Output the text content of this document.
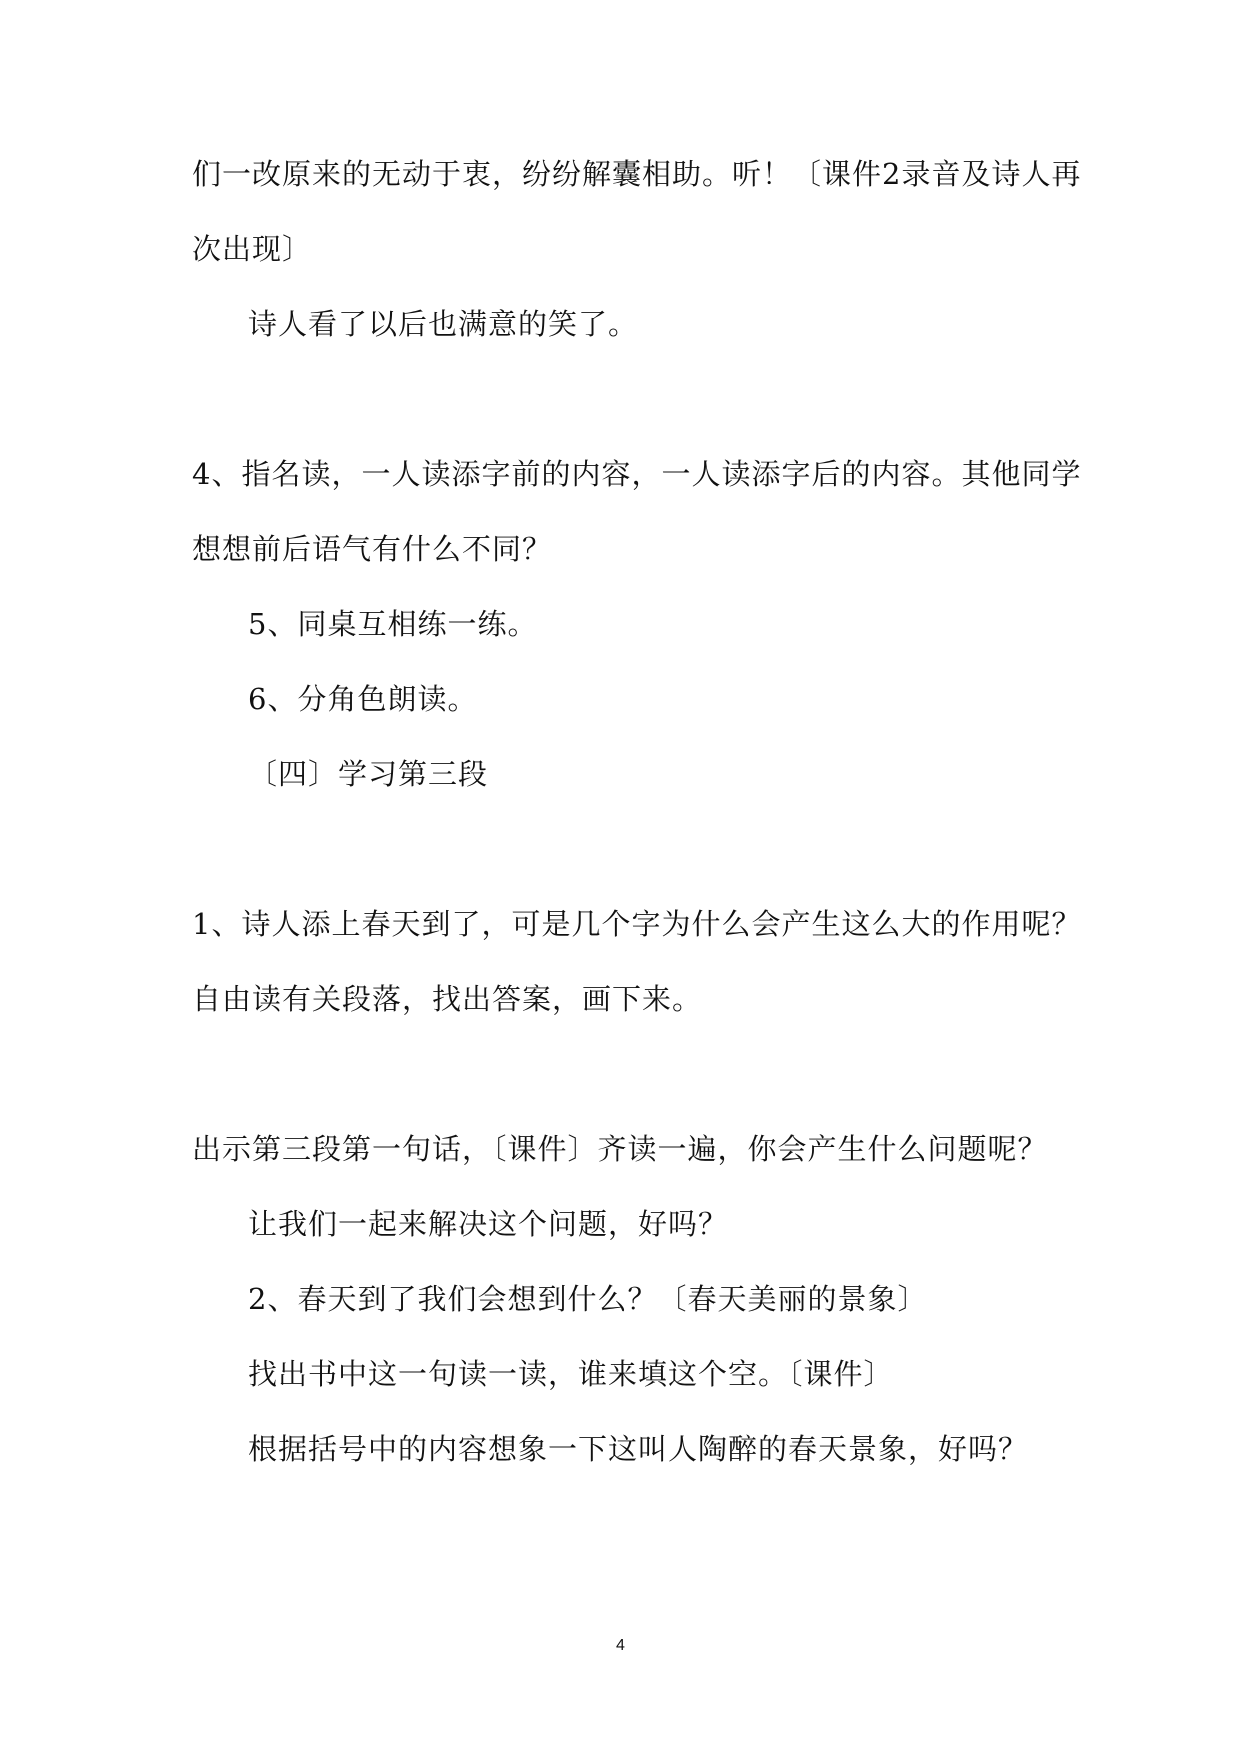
们一改原来的无动于衷，纷纷解囊相助。听！〔课件2录音及诗人再
次出现〕
诗人看了以后也满意的笑了。
4、指名读，一人读添字前的内容，一人读添字后的内容。其他同学
想想前后语气有什么不同？
5、同桌互相练一练。
6、分角色朗读。
〔四〕学习第三段
1、诗人添上春天到了，可是几个字为什么会产生这么大的作用呢？
自由读有关段落，找出答案，画下来。
出示第三段第一句话，〔课件〕齐读一遍，你会产生什么问题呢？
让我们一起来解决这个问题，好吗？
2、春天到了我们会想到什么？〔春天美丽的景象〕
找出书中这一句读一读，谁来填这个空。〔课件〕
根据括号中的内容想象一下这叫人陶醉的春天景象，好吗？
4
